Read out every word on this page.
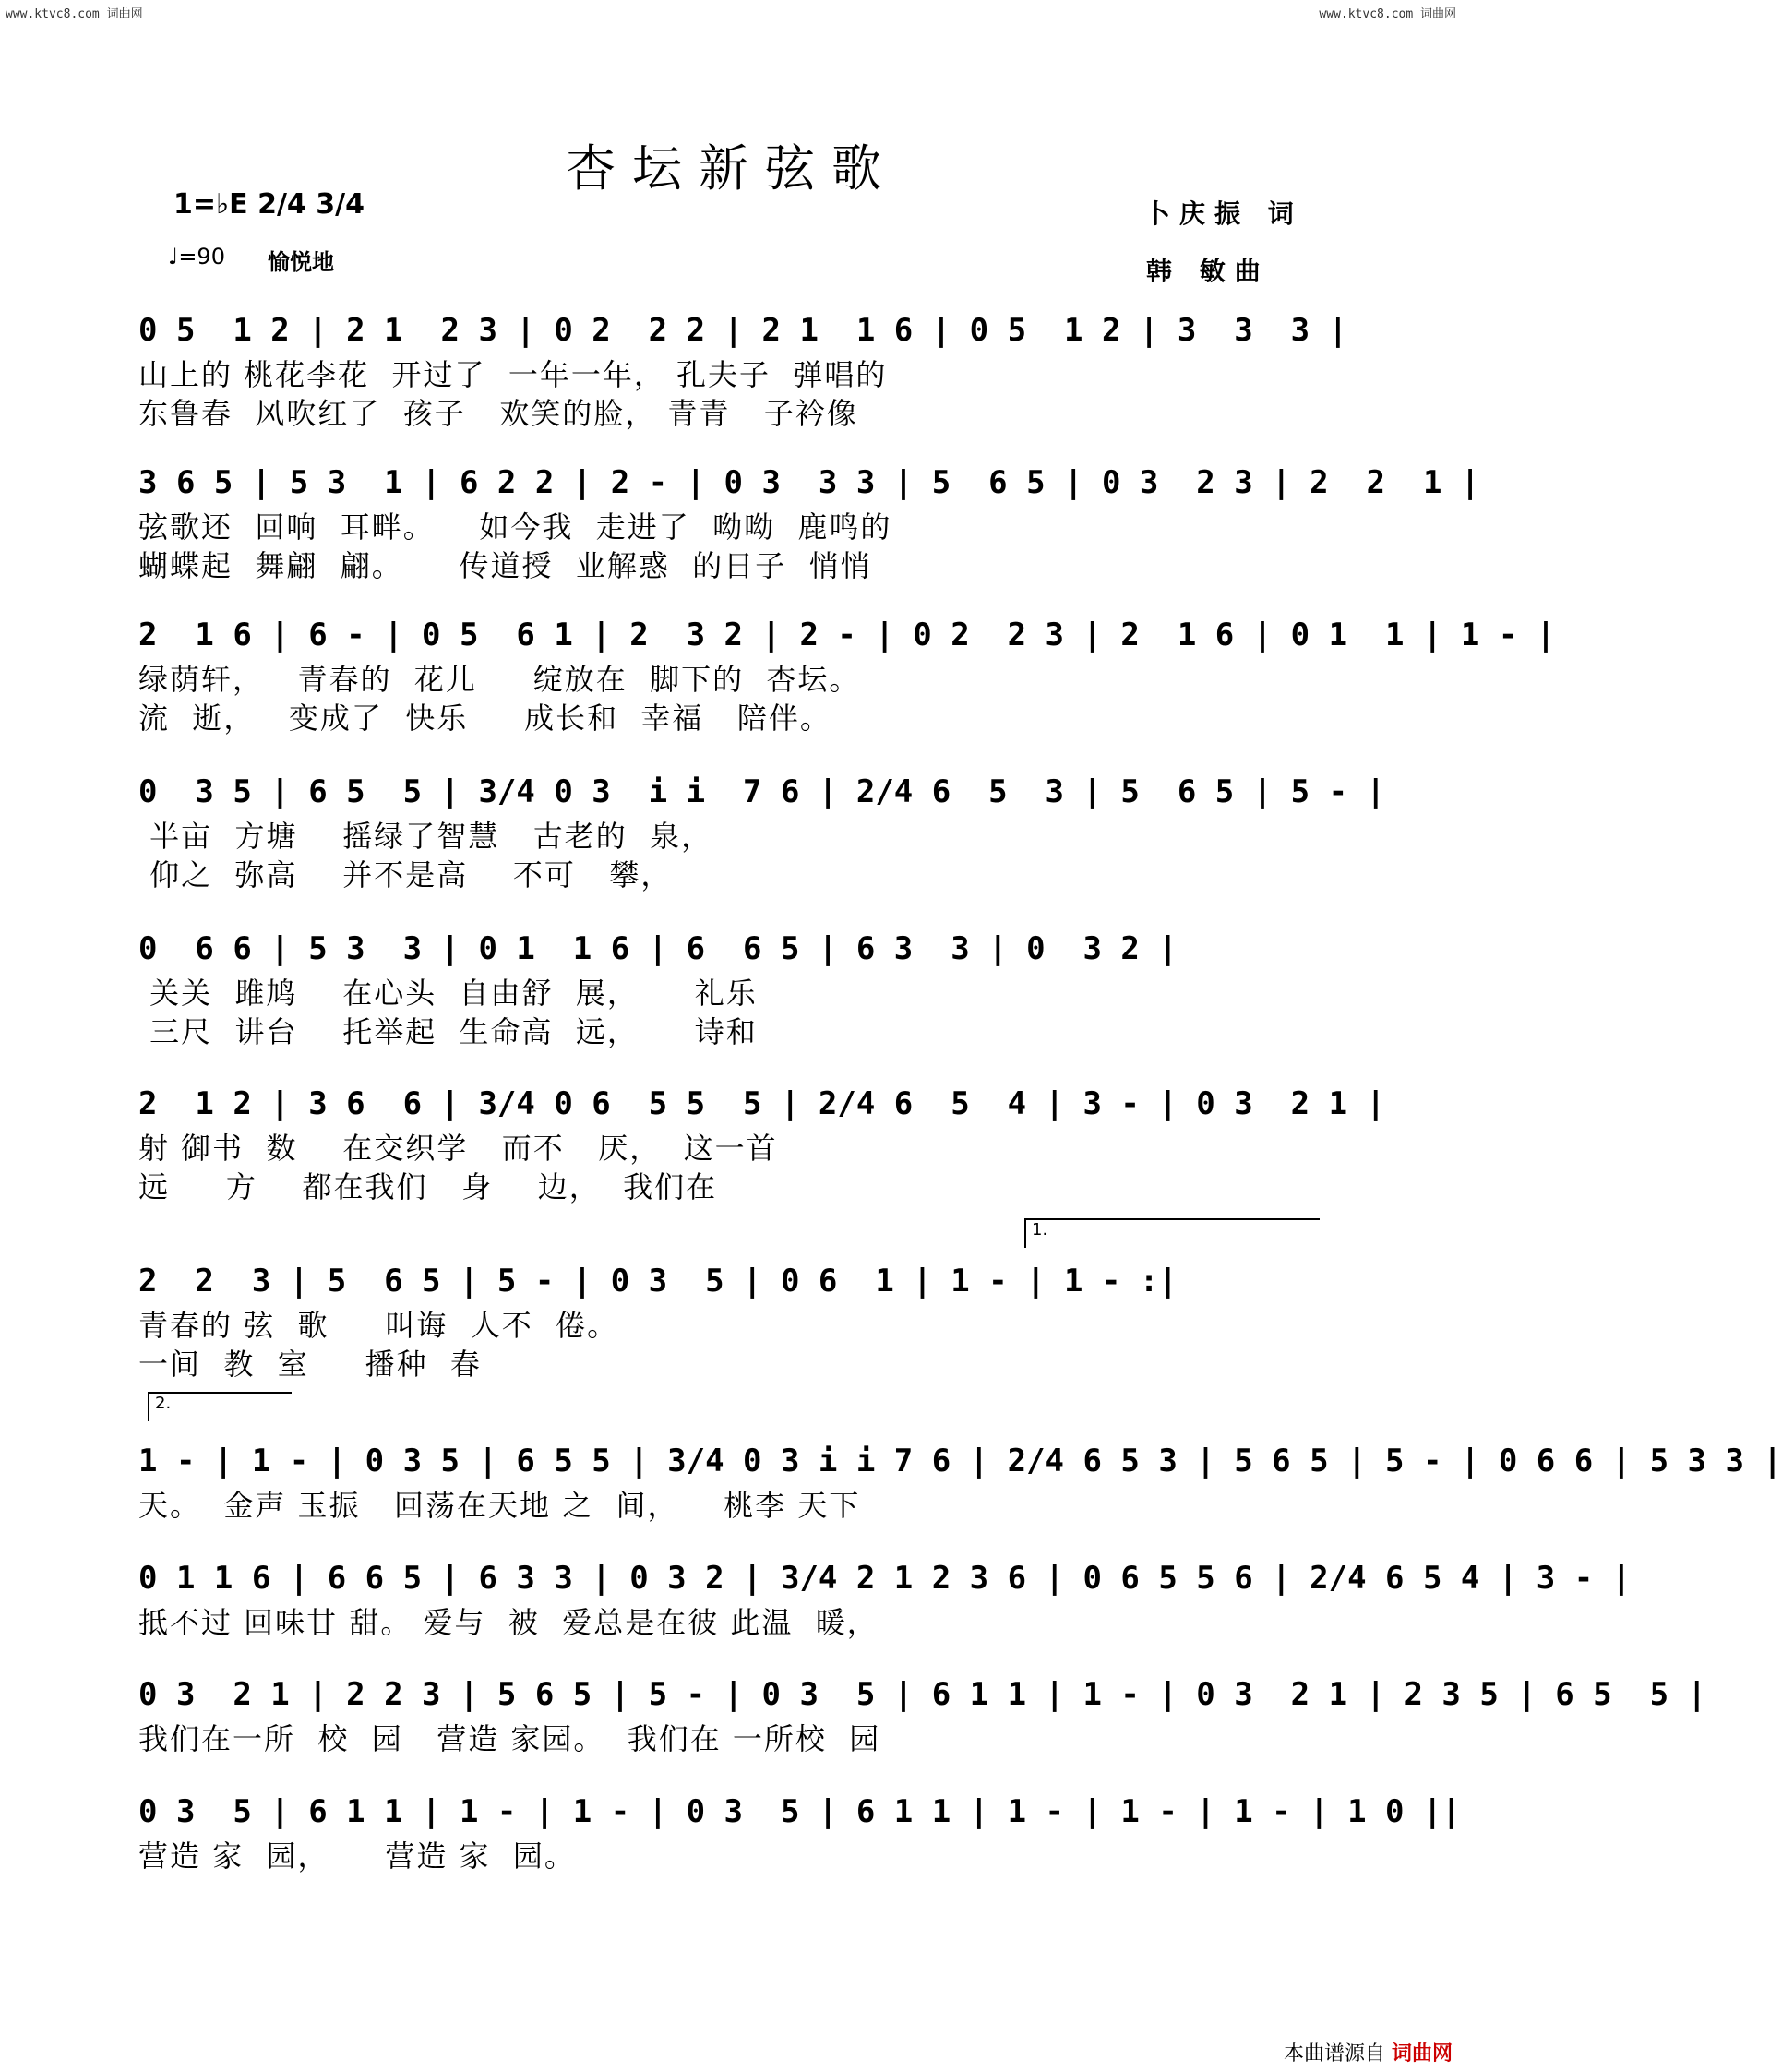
www.ktvc8.com 词曲网	www.ktvc8.com 词曲网
杏坛新弦歌
1=♭E 2/4 3/4
♩=90 愉悦地
卜庆振 词
韩 敏曲
0 5  1 2 | 2 1  2 3 | 0 2  2 2 | 2 1  1 6 | 0 5  1 2 | 3  3  3 |
山上的 桃花李花  开过了  一年一年， 孔夫子  弹唱的
东鲁春  风吹红了  孩子   欢笑的脸， 青青   子衿像
3 6 5 | 5 3  1 | 6 2 2 | 2 - | 0 3  3 3 | 5  6 5 | 0 3  2 3 | 2  2  1 |
弦歌还  回响  耳畔。    如今我  走进了  呦呦  鹿鸣的
蝴蝶起  舞翩  翩。     传道授  业解惑  的日子  悄悄
2  1 6 | 6 - | 0 5  6 1 | 2  3 2 | 2 - | 0 2  2 3 | 2  1 6 | 0 1  1 | 1 - |
绿荫轩，   青春的  花儿     绽放在  脚下的  杏坛。
流  逝，   变成了  快乐     成长和  幸福   陪伴。
0  3 5 | 6 5  5 | 3/4 0 3  i i  7 6 | 2/4 6  5  3 | 5  6 5 | 5 - |
半亩  方塘    摇绿了智慧   古老的  泉，
仰之  弥高    并不是高    不可   攀，
0  6 6 | 5 3  3 | 0 1  1 6 | 6  6 5 | 6 3  3 | 0  3 2 |
关关  雎鸠    在心头  自由舒  展，     礼乐
三尺  讲台    托举起  生命高  远，     诗和
2  1 2 | 3 6  6 | 3/4 0 6  5 5  5 | 2/4 6  5  4 | 3 - | 0 3  2 1 |
射 御书  数    在交织学   而不   厌，  这一首
远     方    都在我们   身    边，  我们在
2  2  3 | 5  6 5 | 5 - | 0 3  5 | 0 6  1 | 1 - | 1 - :|
青春的 弦  歌     叫诲  人不  倦。
一间  教  室     播种  春
1 - | 1 - | 0 3 5 | 6 5 5 | 3/4 0 3 i i 7 6 | 2/4 6 5 3 | 5 6 5 | 5 - | 0 6 6 | 5 3 3 |
天。  金声 玉振   回荡在天地 之  间，    桃李 天下
0 1 1 6 | 6 6 5 | 6 3 3 | 0 3 2 | 3/4 2 1 2 3 6 | 0 6 5 5 6 | 2/4 6 5 4 | 3 - |
抵不过 回味甘 甜。 爱与  被  爱总是在彼 此温  暖，
0 3  2 1 | 2 2 3 | 5 6 5 | 5 - | 0 3  5 | 6 1 1 | 1 - | 0 3  2 1 | 2 3 5 | 6 5  5 |
我们在一所  校  园   营造 家园。  我们在 一所校  园
0 3  5 | 6 1 1 | 1 - | 1 - | 0 3  5 | 6 1 1 | 1 - | 1 - | 1 - | 1 0 ||
营造 家  园，     营造 家  园。
1.
2.
本曲谱源自 词曲网
